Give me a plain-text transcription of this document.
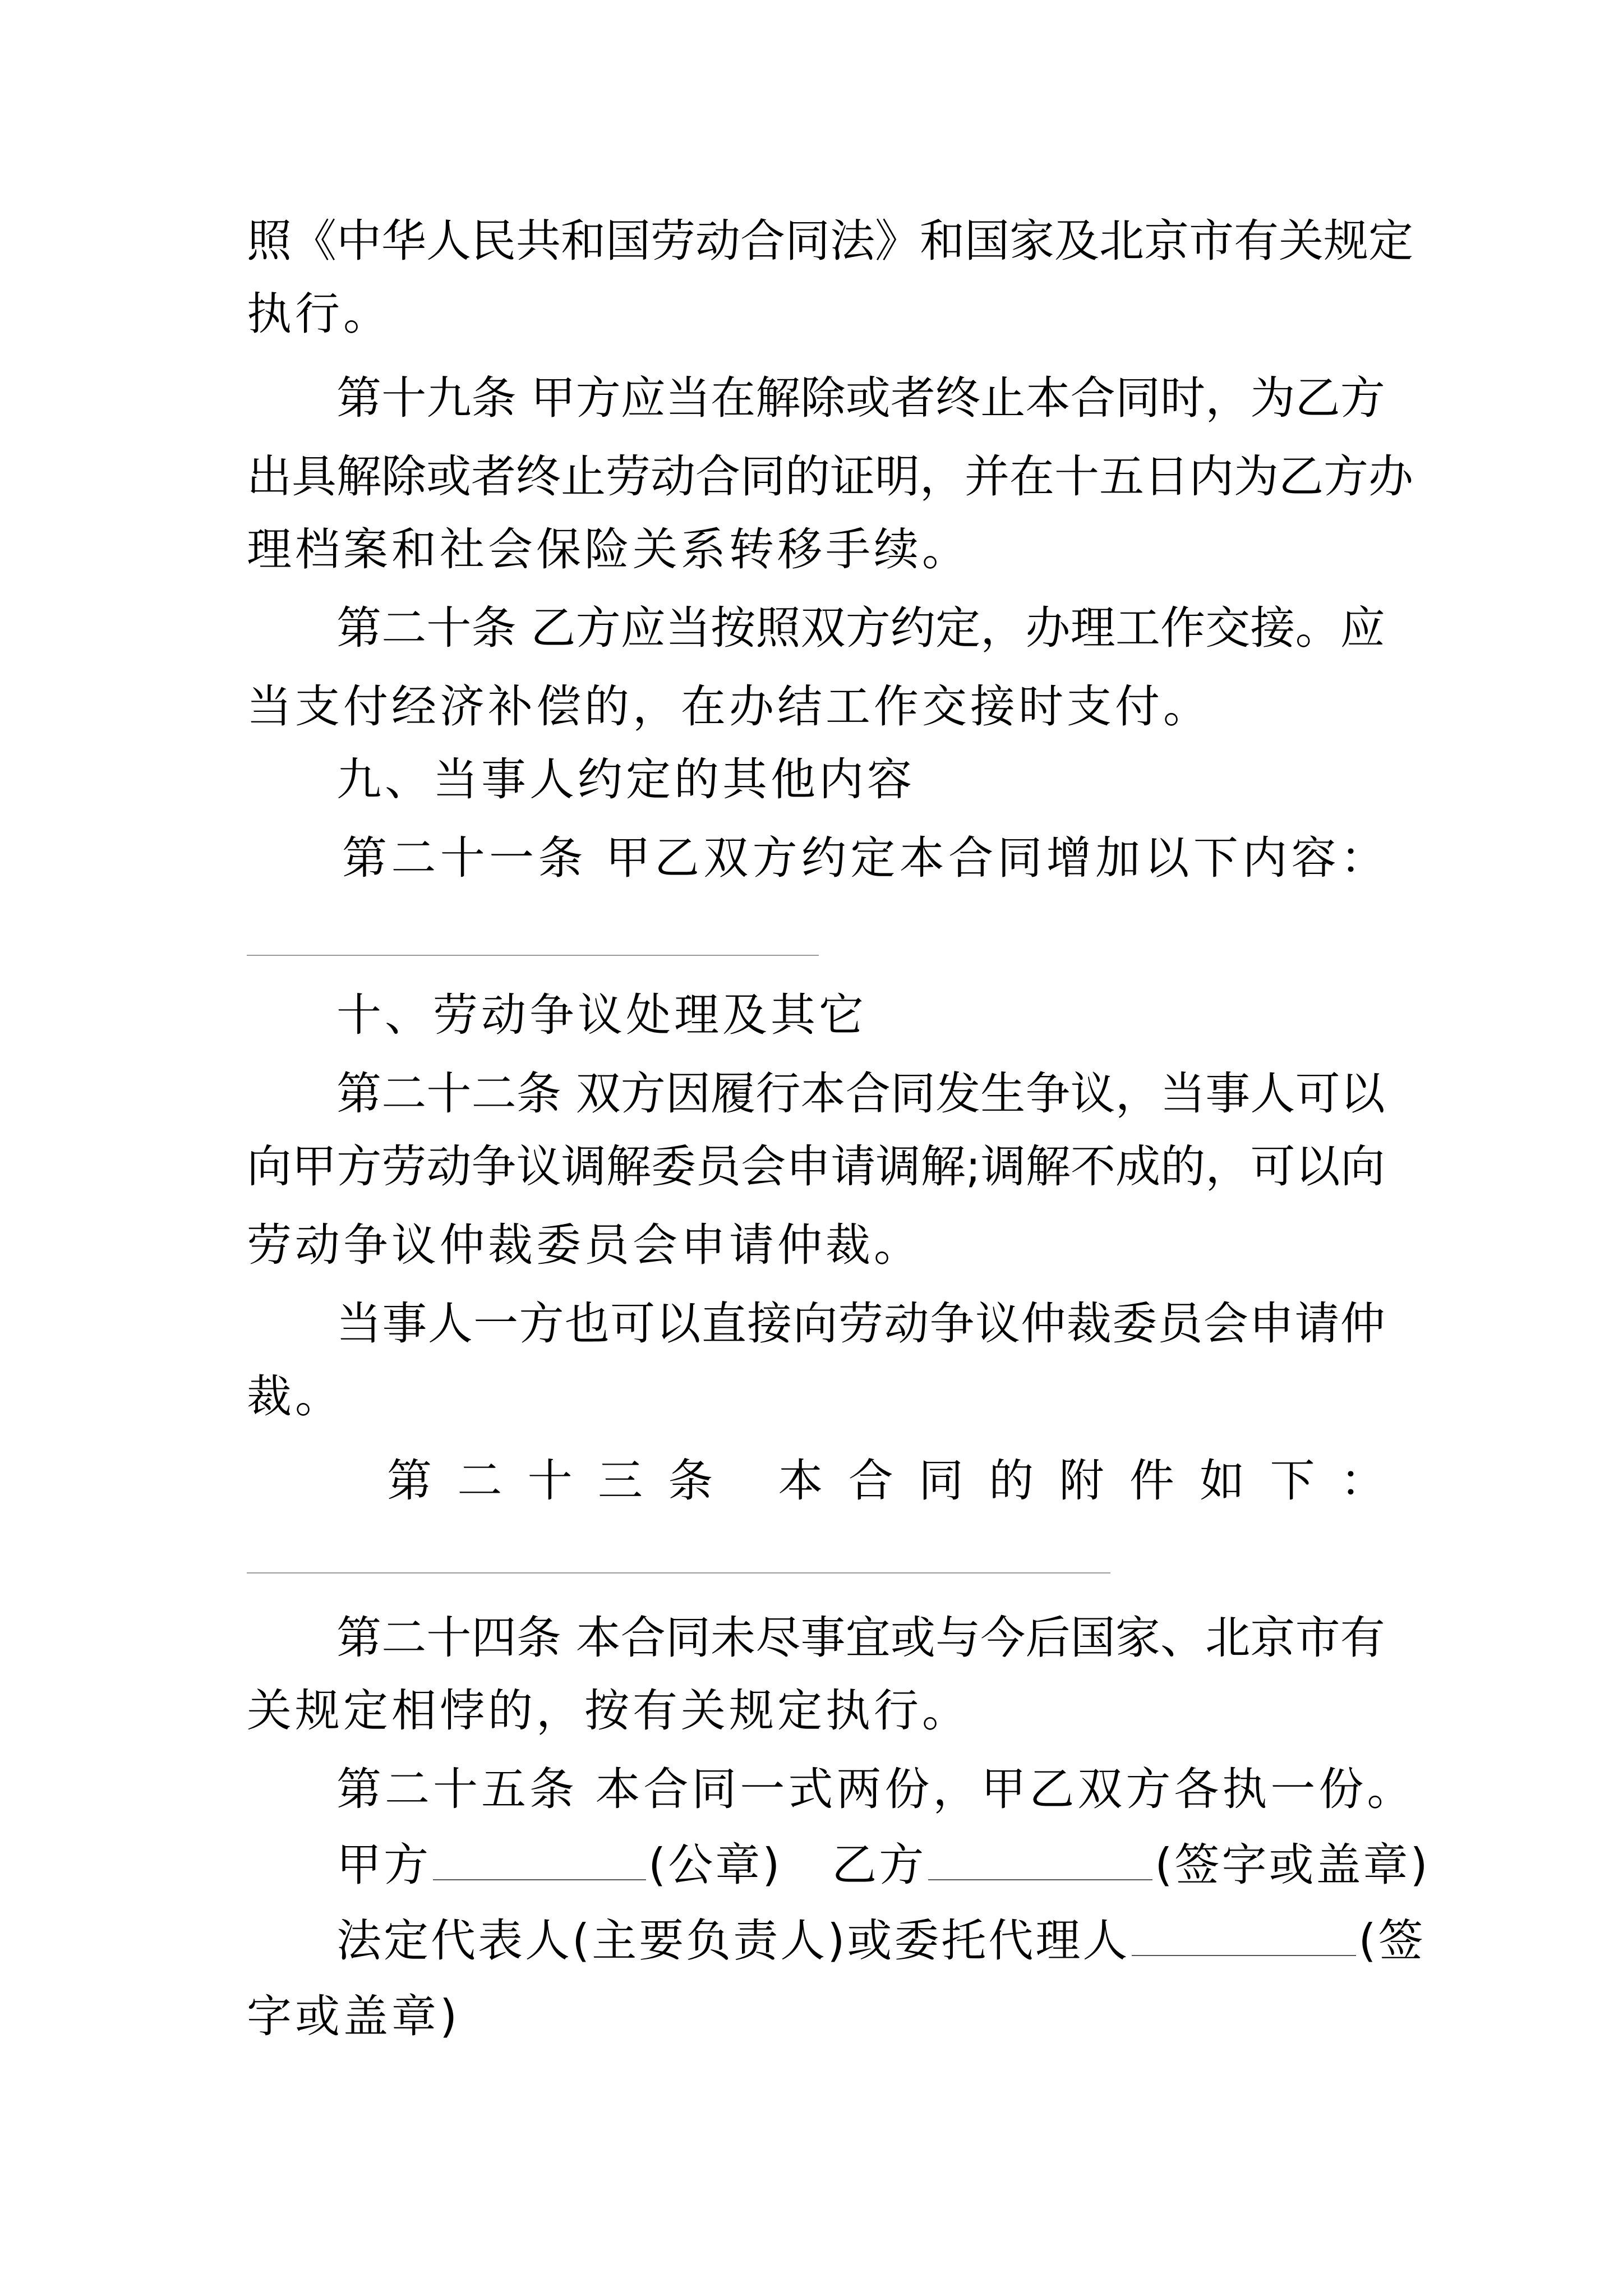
照 《 中 华 人 民 共 和 国 劳 动 合 同 法 》 和 国 家 及 北 京 市 有 关 规 定
执行。
第 十 九 条
甲 方 应 当 在 解 除 或 者 终 止 本 合 同 时 ， 为 乙 方
出 具 解 除 或 者 终 止 劳 动 合 同 的 证 明 ， 并 在 十 五 日 内 为 乙 方 办
理档案和社会保险关系转移手续。
第 二 十 条
乙 方 应 当 按 照 双 方 约 定 ， 办 理 工 作 交 接 。 应
当支付经济补偿的，在办结工作交接时支付。
九、当事人约定的其他内容
第 二 十 一 条
甲 乙 双 方 约 定 本 合 同 增 加 以 下 内 容 ：
十、劳动争议处理及其它
第 二 十 二 条
双 方 因 履 行 本 合 同 发 生 争 议 ， 当 事 人 可 以
向 甲 方 劳 动 争 议 调 解 委 员 会 申 请 调 解 ; 调 解 不 成 的 ， 可 以 向
劳动争议仲裁委员会申请仲裁。
当 事 人 一 方 也 可 以 直 接 向 劳 动 争 议 仲 裁 委 员 会 申 请 仲
裁。
第 二 十 三 条
本 合 同 的 附 件 如 下 ：
第 二 十 四 条
本 合 同 未 尽 事 宜 或 与 今 后 国 家 、 北 京 市 有
关规定相悖的，按有关规定执行。
第二十五条 本合同一式两份，甲乙双方各执一份。
甲方	(公章) 乙方	(签字或盖章)
法定代表人(主要负责人)或委托代理人	(签
字或盖章)
